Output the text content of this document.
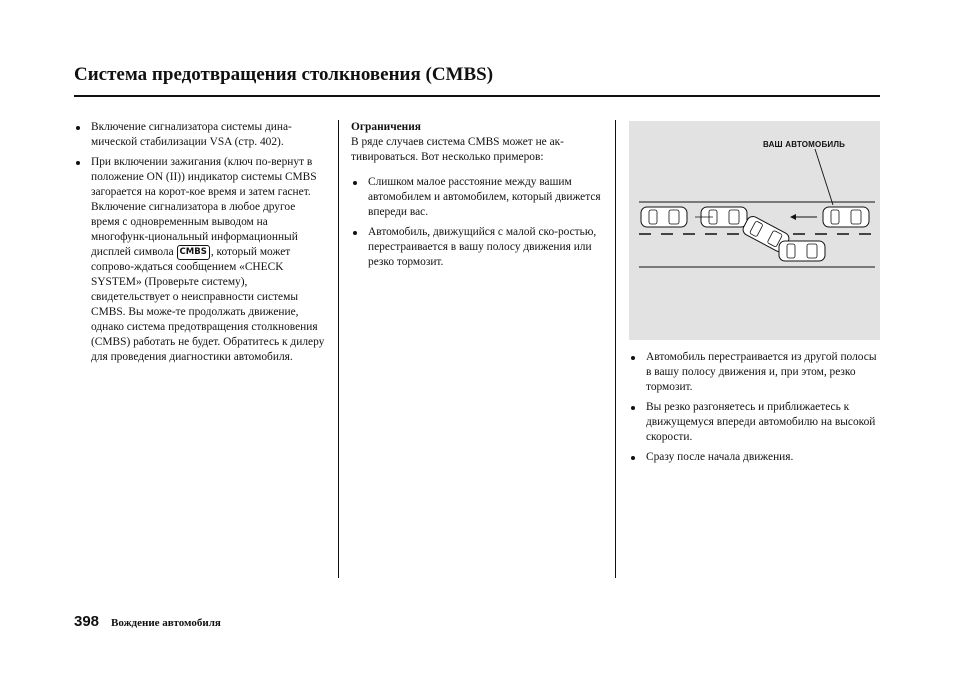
Система предотвращения столкновения (CMBS)
Включение сигнализатора системы дина-мической стабилизации VSA (стр. 402).
При включении зажигания (ключ по-вернут в положение ON (II)) индикатор системы CMBS загорается на корот-кое время и затем гаснет. Включение сигнализатора в любое другое время с одновременным выводом на многофунк-циональный информационный дисплей символа CMBS , который может сопрово-ждаться сообщением «CHECK SYSTEM» (Проверьте систему), свидетельствует о неисправности системы CMBS. Вы може-те продолжать движение, однако система предотвращения столкновения (CMBS) работать не будет. Обратитесь к дилеру для проведения диагностики автомобиля.
Ограничения

В ряде случаев система CMBS может не ак-тивироваться. Вот несколько примеров:

Слишком малое расстояние между вашим автомобилем и автомобилем, который движется впереди вас.
Автомобиль, движущийся с малой ско-ростью, перестраивается в вашу полосу движения или резко тормозит.
ВАШ АВТОМОБИЛЬ
Автомобиль перестраивается из другой полосы в вашу полосу движения и, при этом, резко тормозит.
Вы резко разгоняетесь и приближаетесь к движущемуся впереди автомобилю на высокой скорости.
Сразу после начала движения.
398 Вождение автомобиля
